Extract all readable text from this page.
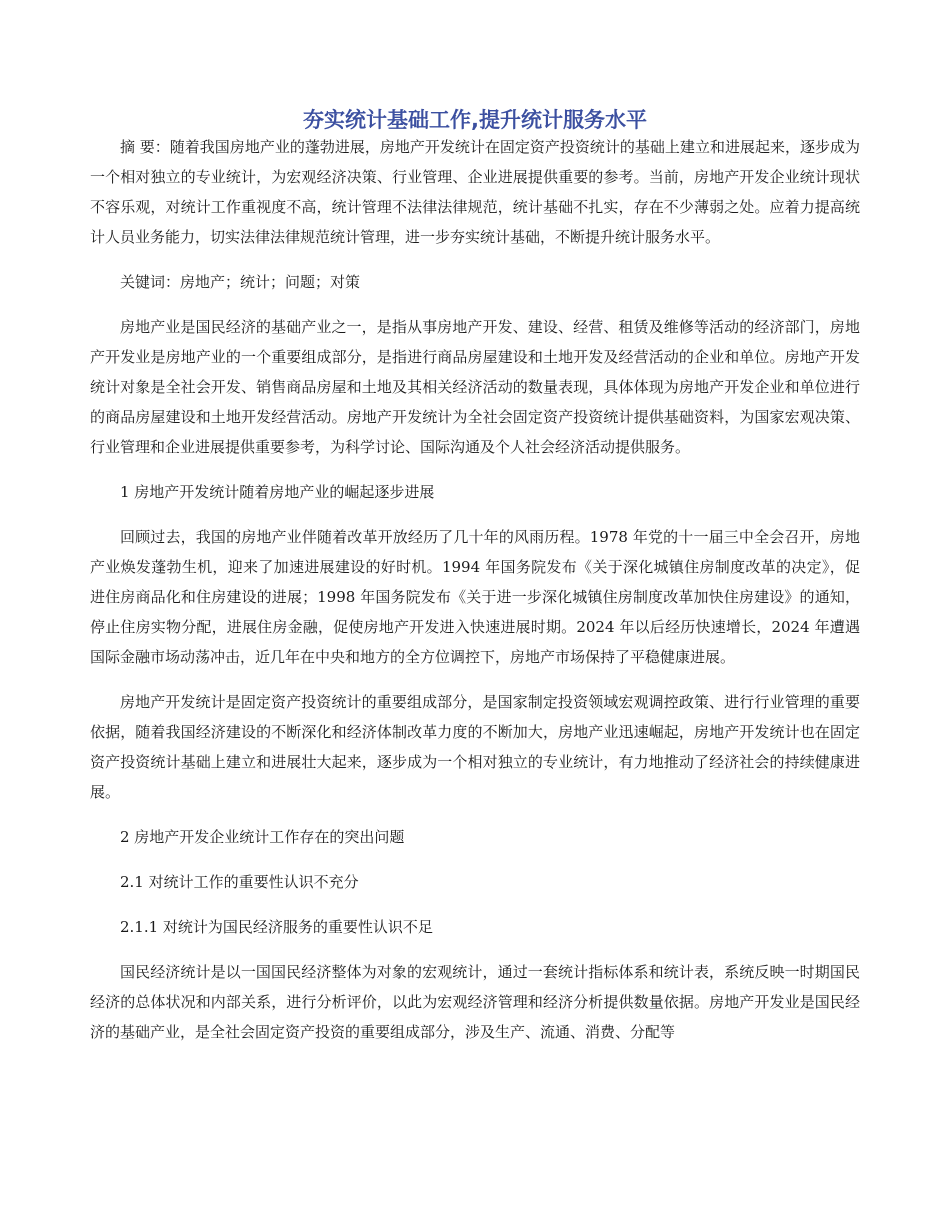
夯实统计基础工作,提升统计服务水平

摘 要：随着我国房地产业的蓬勃进展，房地产开发统计在固定资产投资统计的基础上建立和进展起来，逐步成为一个相对独立的专业统计，为宏观经济决策、行业管理、企业进展提供重要的参考。当前，房地产开发企业统计现状不容乐观，对统计工作重视度不高，统计管理不法律法律规范，统计基础不扎实，存在不少薄弱之处。应着力提高统计人员业务能力，切实法律法律规范统计管理，进一步夯实统计基础，不断提升统计服务水平。

关键词：房地产；统计；问题；对策

房地产业是国民经济的基础产业之一，是指从事房地产开发、建设、经营、租赁及维修等活动的经济部门，房地产开发业是房地产业的一个重要组成部分，是指进行商品房屋建设和土地开发及经营活动的企业和单位。房地产开发统计对象是全社会开发、销售商品房屋和土地及其相关经济活动的数量表现，具体体现为房地产开发企业和单位进行的商品房屋建设和土地开发经营活动。房地产开发统计为全社会固定资产投资统计提供基础资料，为国家宏观决策、行业管理和企业进展提供重要参考，为科学讨论、国际沟通及个人社会经济活动提供服务。

1 房地产开发统计随着房地产业的崛起逐步进展

回顾过去，我国的房地产业伴随着改革开放经历了几十年的风雨历程。1978 年党的十一届三中全会召开，房地产业焕发蓬勃生机，迎来了加速进展建设的好时机。1994 年国务院发布《关于深化城镇住房制度改革的决定》，促进住房商品化和住房建设的进展；1998 年国务院发布《关于进一步深化城镇住房制度改革加快住房建设》的通知，停止住房实物分配，进展住房金融，促使房地产开发进入快速进展时期。2024 年以后经历快速增长，2024 年遭遇国际金融市场动荡冲击，近几年在中央和地方的全方位调控下，房地产市场保持了平稳健康进展。

房地产开发统计是固定资产投资统计的重要组成部分，是国家制定投资领域宏观调控政策、进行行业管理的重要依据，随着我国经济建设的不断深化和经济体制改革力度的不断加大，房地产业迅速崛起，房地产开发统计也在固定资产投资统计基础上建立和进展壮大起来，逐步成为一个相对独立的专业统计，有力地推动了经济社会的持续健康进展。

2 房地产开发企业统计工作存在的突出问题

2.1 对统计工作的重要性认识不充分

2.1.1 对统计为国民经济服务的重要性认识不足

国民经济统计是以一国国民经济整体为对象的宏观统计，通过一套统计指标体系和统计表，系统反映一时期国民经济的总体状况和内部关系，进行分析评价，以此为宏观经济管理和经济分析提供数量依据。房地产开发业是国民经济的基础产业，是全社会固定资产投资的重要组成部分，涉及生产、流通、消费、分配等
